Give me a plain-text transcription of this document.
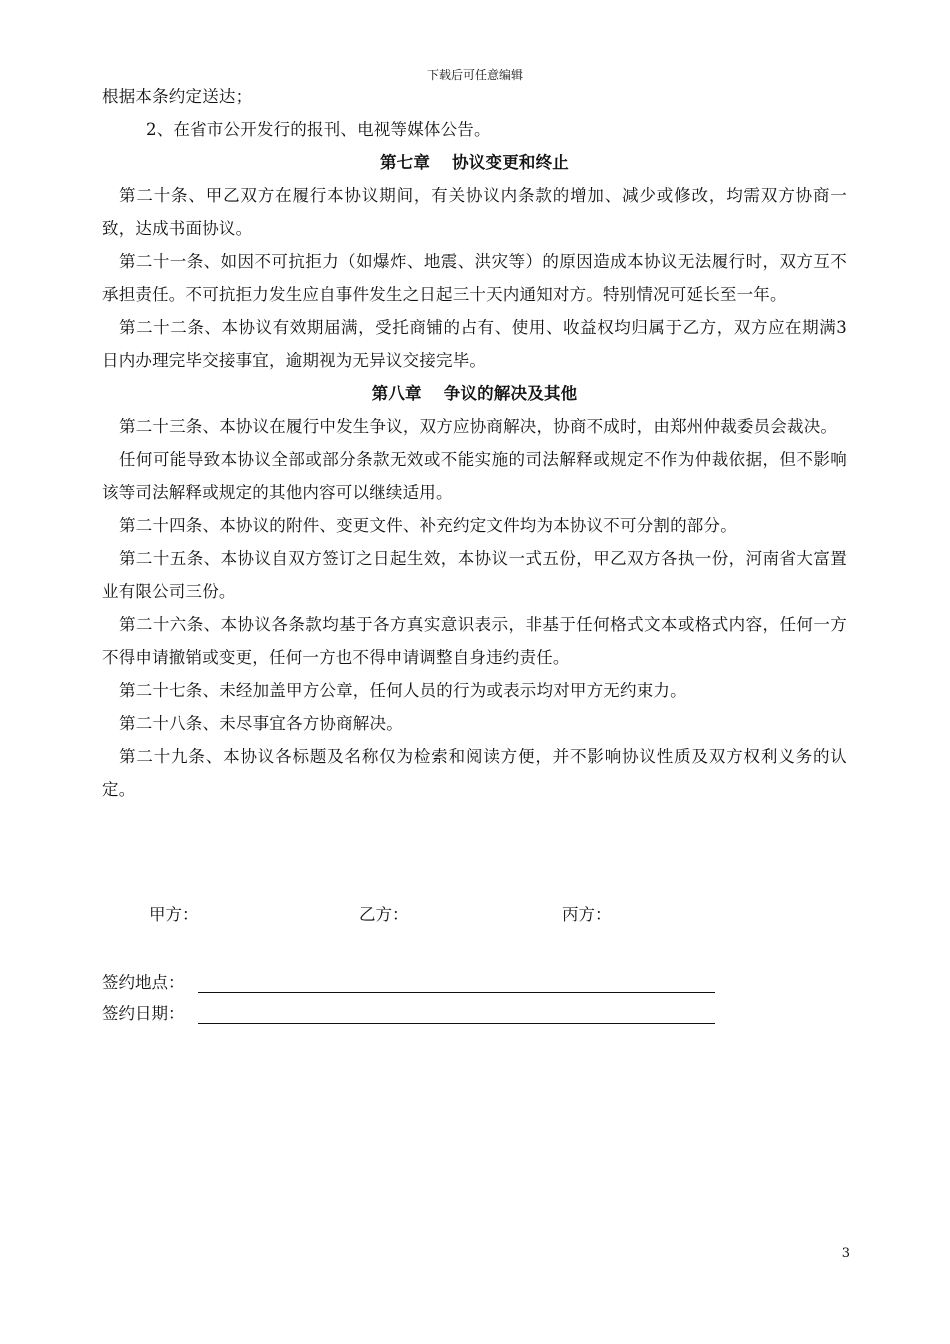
下载后可任意编辑

根据本条约定送达；

2、在省市公开发行的报刊、电视等媒体公告。

第七章 协议变更和终止

第二十条、甲乙双方在履行本协议期间，有关协议内条款的增加、减少或修改，均需双方协商一致，达成书面协议。

第二十一条、如因不可抗拒力（如爆炸、地震、洪灾等）的原因造成本协议无法履行时，双方互不承担责任。不可抗拒力发生应自事件发生之日起三十天内通知对方。特别情况可延长至一年。

第二十二条、本协议有效期届满，受托商铺的占有、使用、收益权均归属于乙方，双方应在期满3日内办理完毕交接事宜，逾期视为无异议交接完毕。

第八章 争议的解决及其他

第二十三条、本协议在履行中发生争议，双方应协商解决，协商不成时，由郑州仲裁委员会裁决。

任何可能导致本协议全部或部分条款无效或不能实施的司法解释或规定不作为仲裁依据，但不影响该等司法解释或规定的其他内容可以继续适用。

第二十四条、本协议的附件、变更文件、补充约定文件均为本协议不可分割的部分。

第二十五条、本协议自双方签订之日起生效，本协议一式五份，甲乙双方各执一份，河南省大富置业有限公司三份。

第二十六条、本协议各条款均基于各方真实意识表示，非基于任何格式文本或格式内容，任何一方不得申请撤销或变更，任何一方也不得申请调整自身违约责任。

第二十七条、未经加盖甲方公章，任何人员的行为或表示均对甲方无约束力。

第二十八条、未尽事宜各方协商解决。

第二十九条、本协议各标题及名称仅为检索和阅读方便，并不影响协议性质及双方权利义务的认定。

甲方：	乙方：	丙方：
签约地点：
签约日期：
3
